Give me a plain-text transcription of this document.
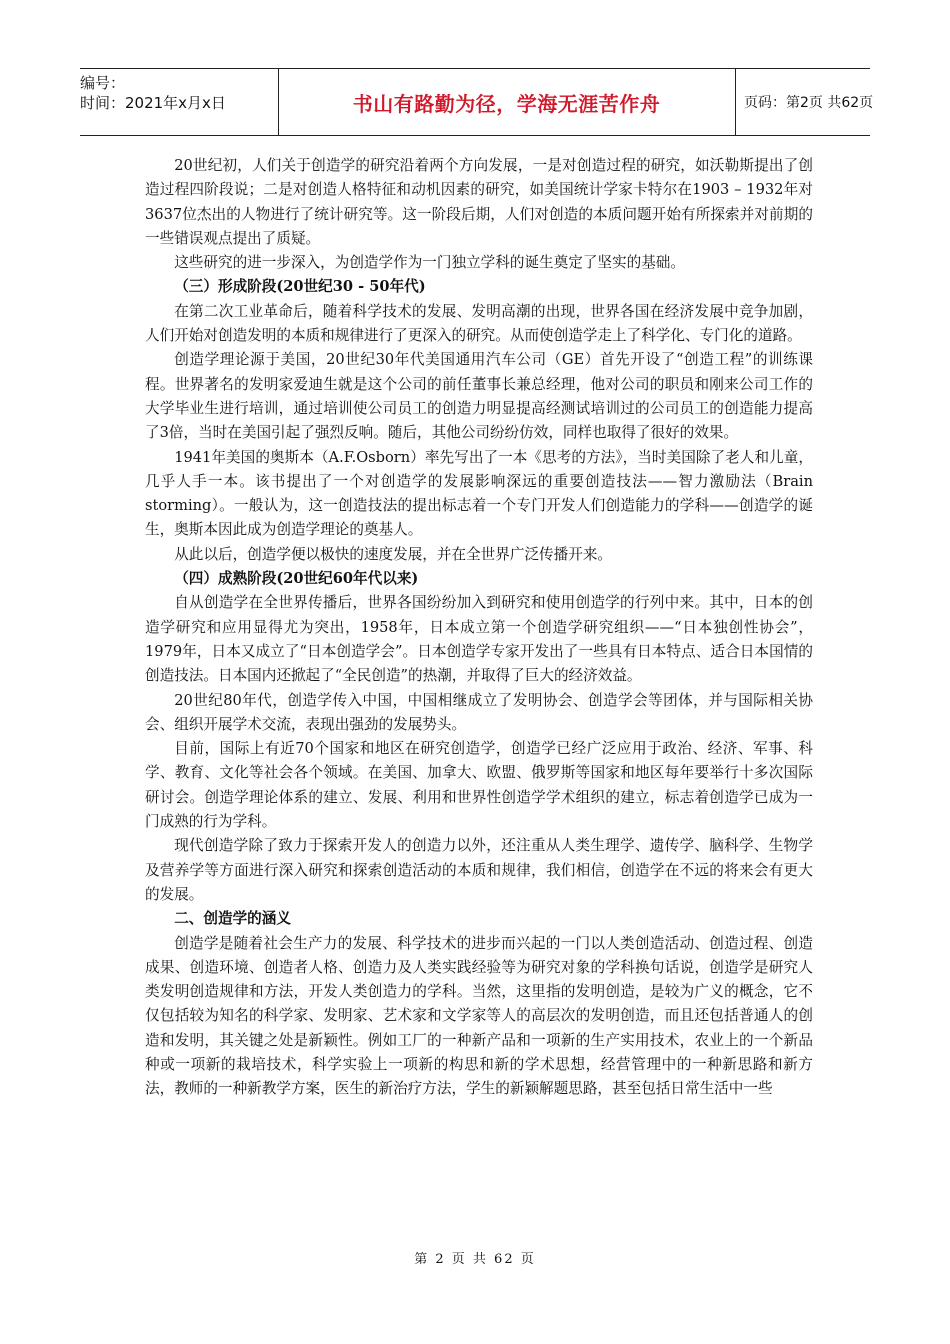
编号：
时间：2021年x月x日	书山有路勤为径，学海无涯苦作舟	页码：第2页 共62页

20世纪初，人们关于创造学的研究沿着两个方向发展，一是对创造过程的研究，如沃勒斯提出了创造过程四阶段说；二是对创造人格特征和动机因素的研究，如美国统计学家卡特尔在1903 – 1932年对3637位杰出的人物进行了统计研究等。这一阶段后期，人们对创造的本质问题开始有所探索并对前期的一些错误观点提出了质疑。

这些研究的进一步深入，为创造学作为一门独立学科的诞生奠定了坚实的基础。

（三）形成阶段(20世纪30 - 50年代)

在第二次工业革命后，随着科学技术的发展、发明高潮的出现，世界各国在经济发展中竞争加剧，人们开始对创造发明的本质和规律进行了更深入的研究。从而使创造学走上了科学化、专门化的道路。

创造学理论源于美国，20世纪30年代美国通用汽车公司（GE）首先开设了“创造工程”的训练课程。世界著名的发明家爱迪生就是这个公司的前任董事长兼总经理，他对公司的职员和刚来公司工作的大学毕业生进行培训，通过培训使公司员工的创造力明显提高经测试培训过的公司员工的创造能力提高了3倍，当时在美国引起了强烈反响。随后，其他公司纷纷仿效，同样也取得了很好的效果。

1941年美国的奥斯本（A.F.Osborn）率先写出了一本《思考的方法》，当时美国除了老人和儿童，几乎人手一本。该书提出了一个对创造学的发展影响深远的重要创造技法——智力激励法（Brain storming）。一般认为，这一创造技法的提出标志着一个专门开发人们创造能力的学科——创造学的诞生，奥斯本因此成为创造学理论的奠基人。

从此以后，创造学便以极快的速度发展，并在全世界广泛传播开来。

（四）成熟阶段(20世纪60年代以来)

自从创造学在全世界传播后，世界各国纷纷加入到研究和使用创造学的行列中来。其中，日本的创造学研究和应用显得尤为突出，1958年，日本成立第一个创造学研究组织——“日本独创性协会”，1979年，日本又成立了“日本创造学会”。日本创造学专家开发出了一些具有日本特点、适合日本国情的创造技法。日本国内还掀起了“全民创造”的热潮，并取得了巨大的经济效益。

20世纪80年代，创造学传入中国，中国相继成立了发明协会、创造学会等团体，并与国际相关协会、组织开展学术交流，表现出强劲的发展势头。

目前，国际上有近70个国家和地区在研究创造学，创造学已经广泛应用于政治、经济、军事、科学、教育、文化等社会各个领域。在美国、加拿大、欧盟、俄罗斯等国家和地区每年要举行十多次国际研讨会。创造学理论体系的建立、发展、利用和世界性创造学学术组织的建立，标志着创造学已成为一门成熟的行为学科。

现代创造学除了致力于探索开发人的创造力以外，还注重从人类生理学、遗传学、脑科学、生物学及营养学等方面进行深入研究和探索创造活动的本质和规律，我们相信，创造学在不远的将来会有更大的发展。

二、创造学的涵义

创造学是随着社会生产力的发展、科学技术的进步而兴起的一门以人类创造活动、创造过程、创造成果、创造环境、创造者人格、创造力及人类实践经验等为研究对象的学科换句话说，创造学是研究人类发明创造规律和方法，开发人类创造力的学科。当然，这里指的发明创造，是较为广义的概念，它不仅包括较为知名的科学家、发明家、艺术家和文学家等人的高层次的发明创造，而且还包括普通人的创造和发明，其关键之处是新颖性。例如工厂的一种新产品和一项新的生产实用技术，农业上的一个新品种或一项新的栽培技术，科学实验上一项新的构思和新的学术思想，经营管理中的一种新思路和新方法，教师的一种新教学方案，医生的新治疗方法，学生的新颖解题思路，甚至包括日常生活中一些

第 2 页 共 62 页
